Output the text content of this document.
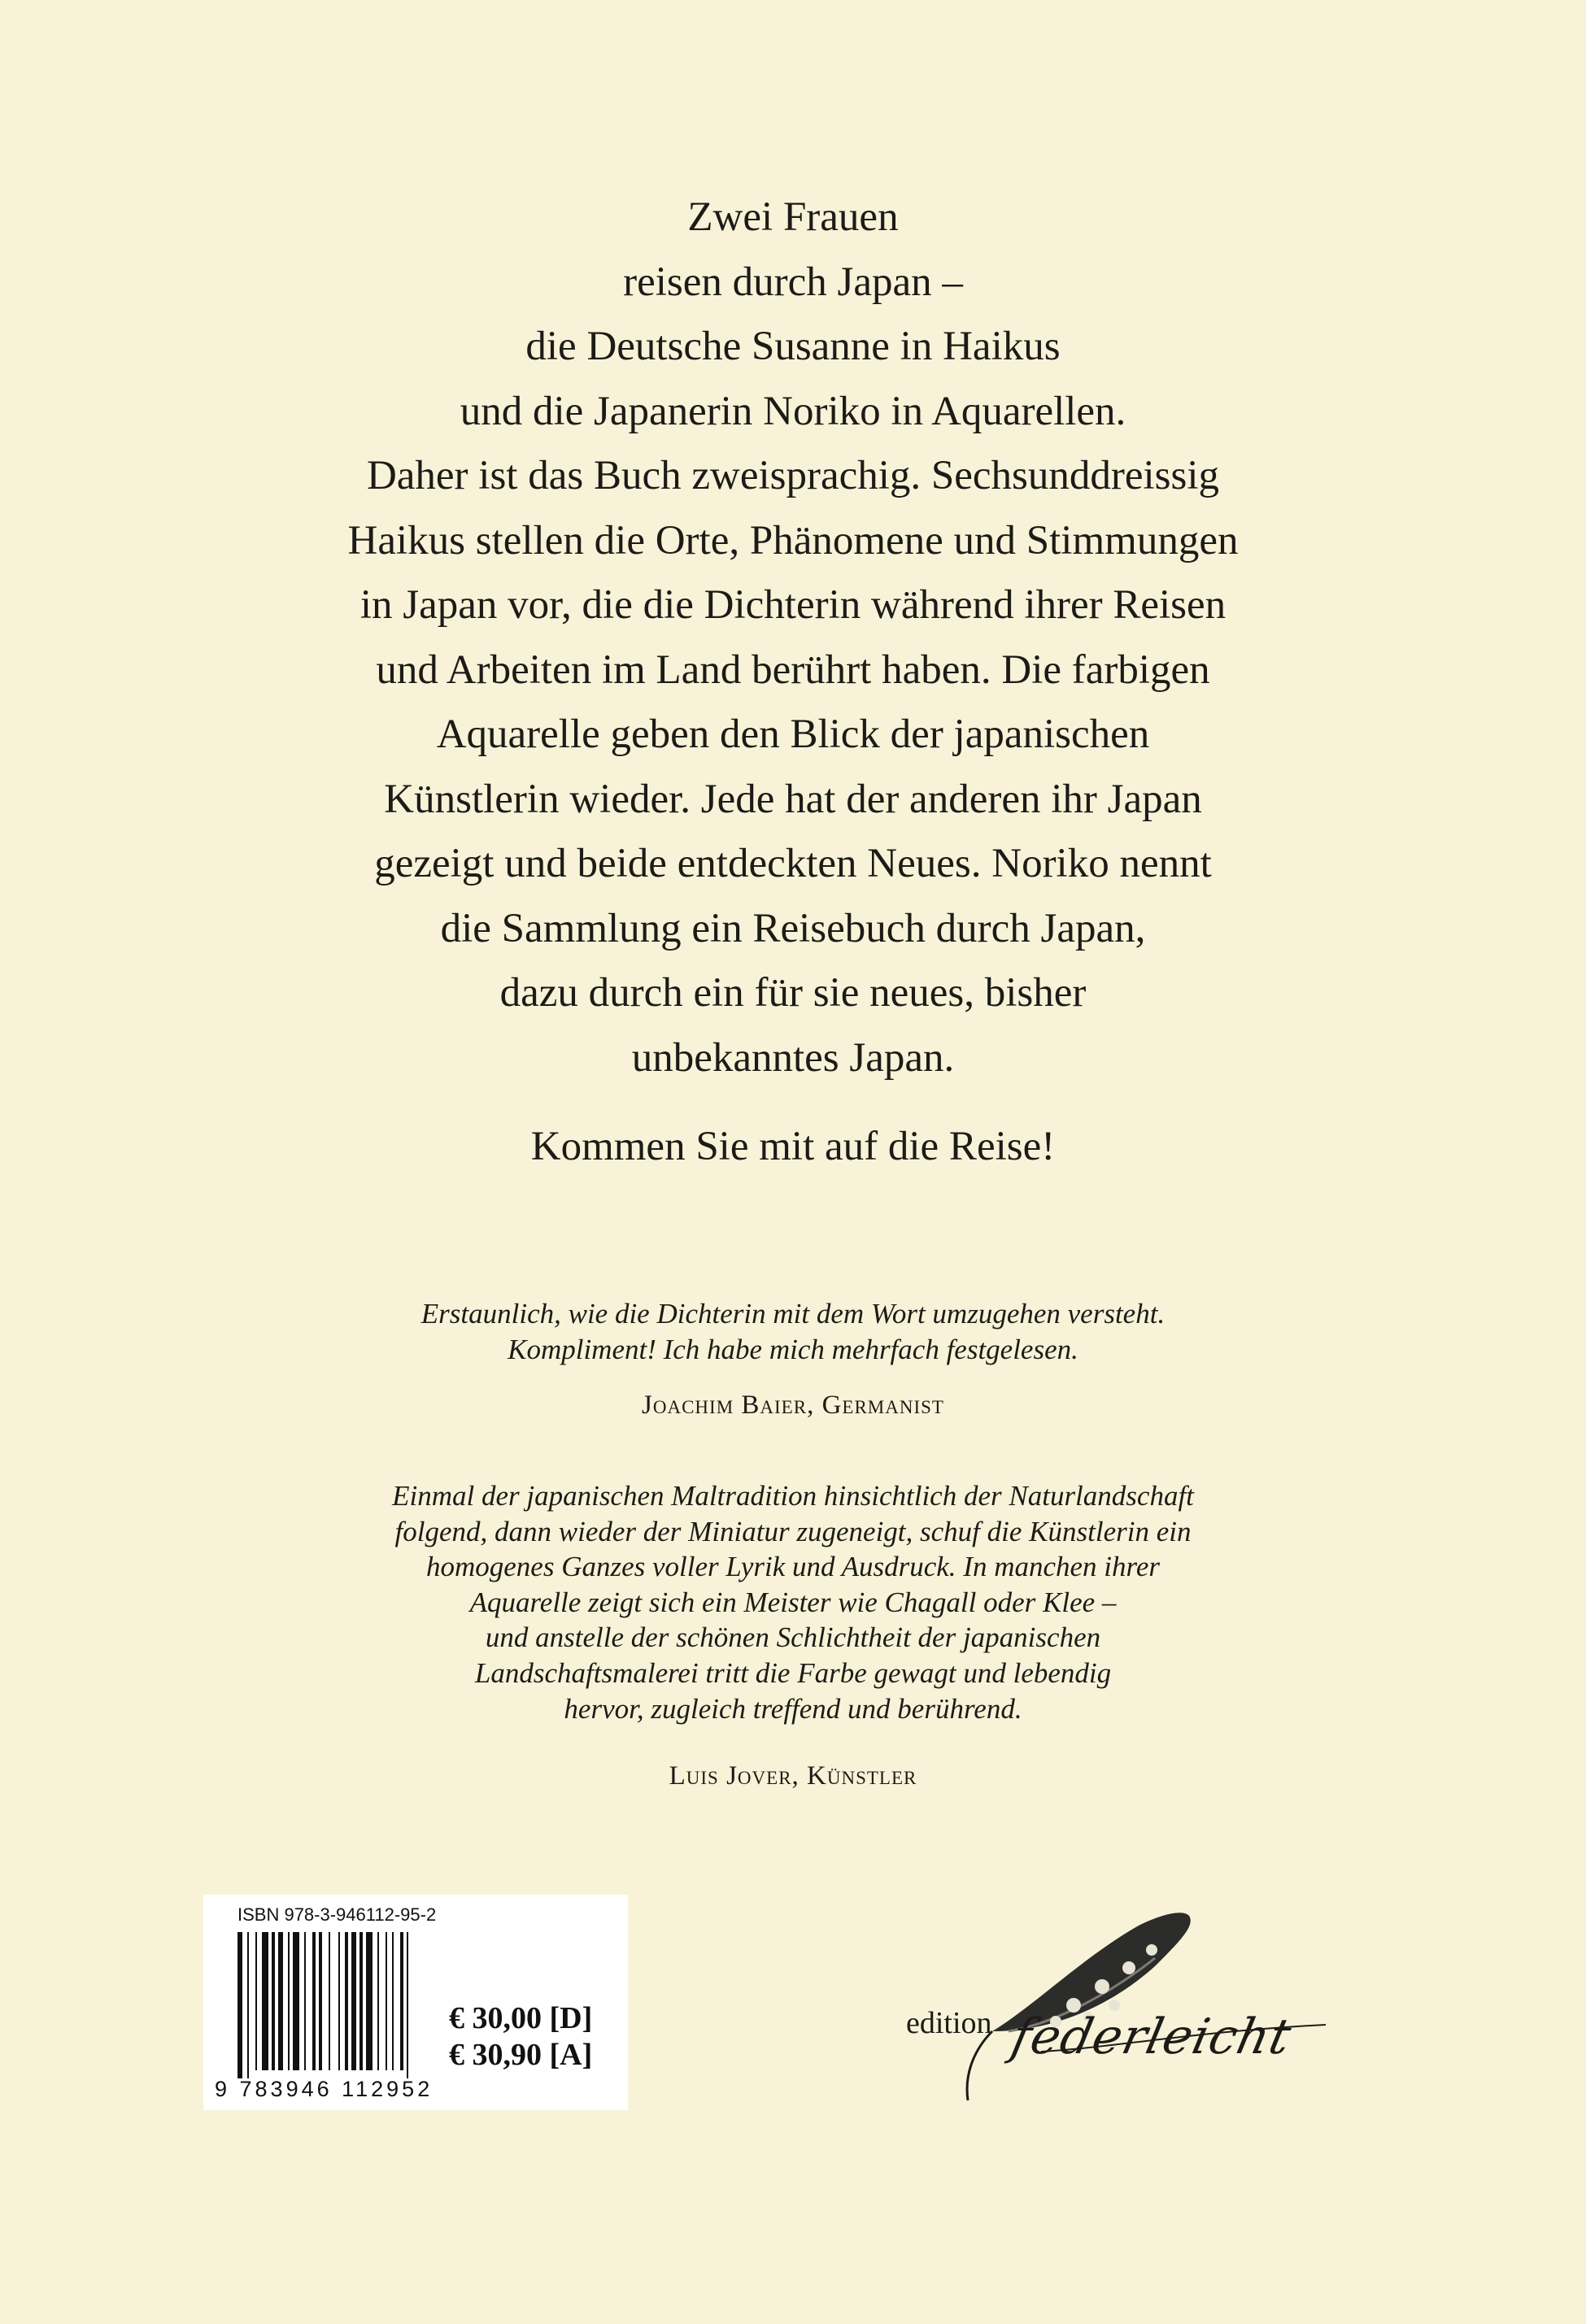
Zwei Frauen
reisen durch Japan –
die Deutsche Susanne in Haikus
und die Japanerin Noriko in Aquarellen.
Daher ist das Buch zweisprachig. Sechsunddreissig
Haikus stellen die Orte, Phänomene und Stimmungen
in Japan vor, die die Dichterin während ihrer Reisen
und Arbeiten im Land berührt haben. Die farbigen
Aquarelle geben den Blick der japanischen
Künstlerin wieder. Jede hat der anderen ihr Japan
gezeigt und beide entdeckten Neues. Noriko nennt
die Sammlung ein Reisebuch durch Japan,
dazu durch ein für sie neues, bisher
unbekanntes Japan.
Kommen Sie mit auf die Reise!
Erstaunlich, wie die Dichterin mit dem Wort umzugehen versteht.
Kompliment! Ich habe mich mehrfach festgelesen.
Joachim Baier, Germanist
Einmal der japanischen Maltradition hinsichtlich der Naturlandschaft
folgend, dann wieder der Miniatur zugeneigt, schuf die Künstlerin ein
homogenes Ganzes voller Lyrik und Ausdruck. In manchen ihrer
Aquarelle zeigt sich ein Meister wie Chagall oder Klee –
und anstelle der schönen Schlichtheit der japanischen
Landschaftsmalerei tritt die Farbe gewagt und lebendig
hervor, zugleich treffend und berührend.
Luis Jover, Künstler
ISBN 978-3-946112-95-2
9 783946 112952
€ 30,00 [D]
€ 30,90 [A]
edition federleicht
